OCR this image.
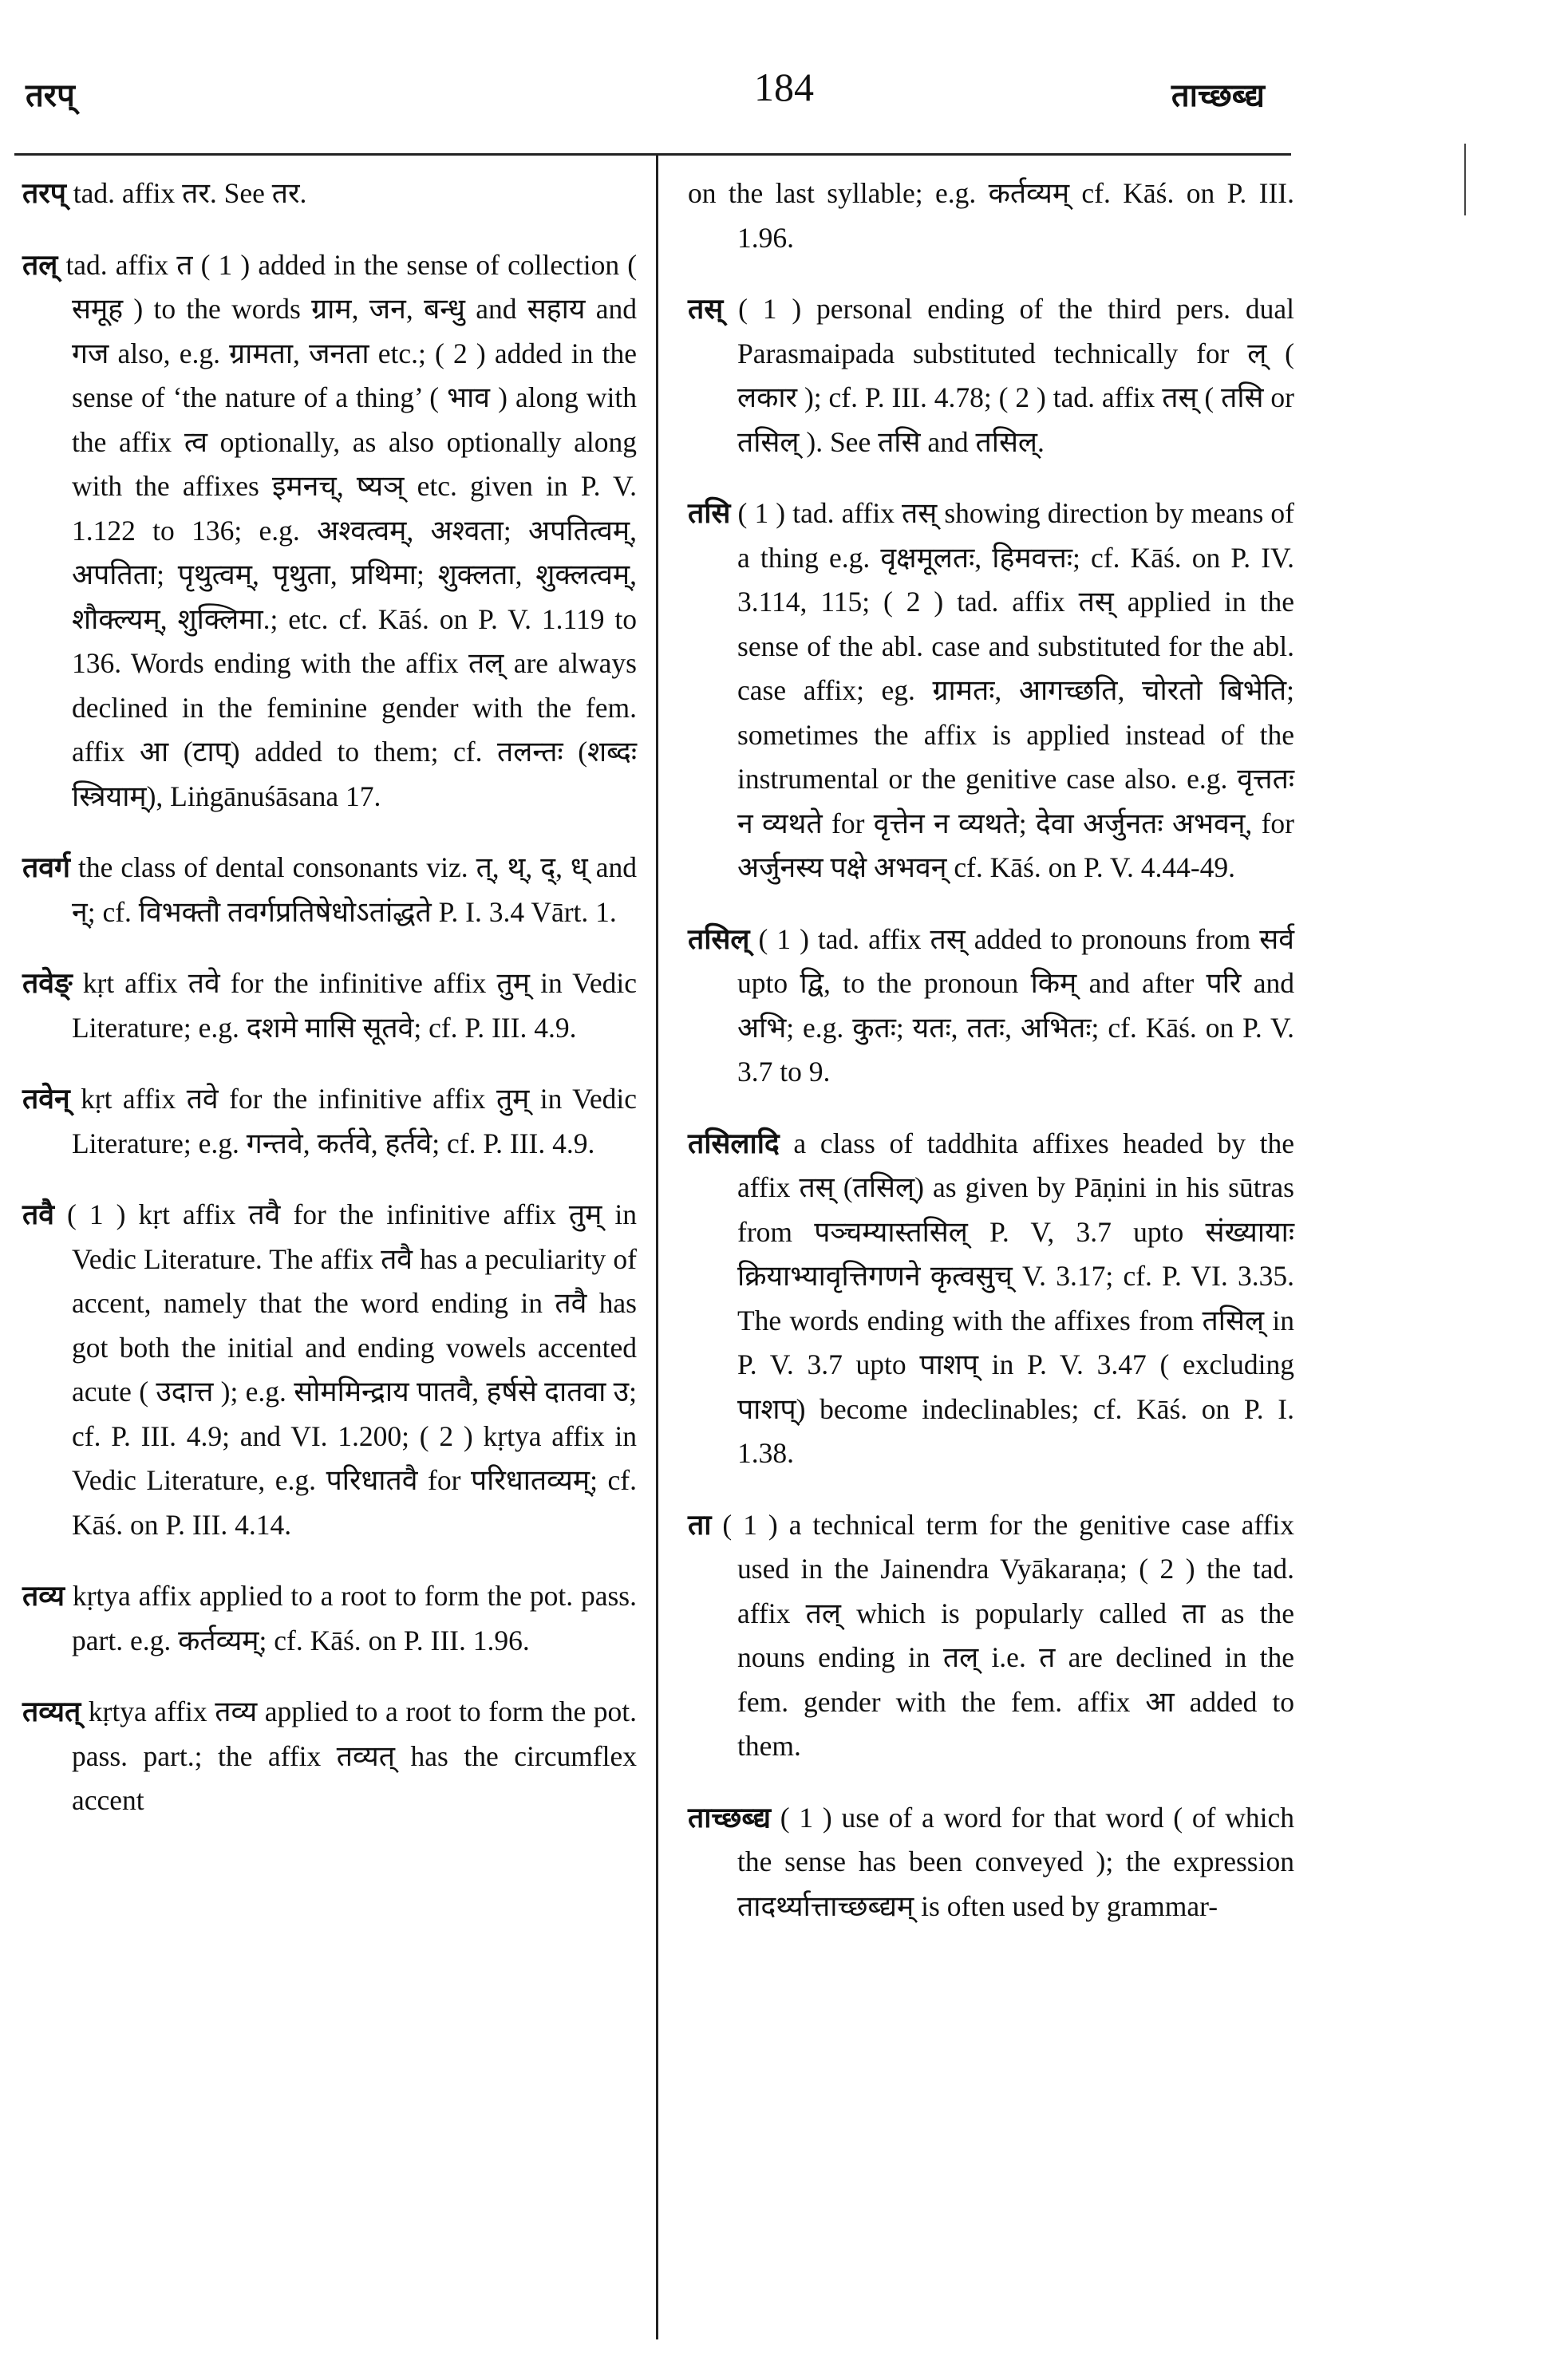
तरप्	184	ताच्छब्द्य

तरप् tad. affix तर. See तर.

तल् tad. affix त ( 1 ) added in the sense of collection ( समूह ) to the words ग्राम, जन, बन्धु and सहाय and गज also, e.g. ग्रामता, जनता etc.; ( 2 ) added in the sense of ‘the nature of a thing’ ( भाव ) along with the affix त्व optionally, as also optionally along with the affixes इमनच्, ष्यञ् etc. given in P. V. 1.122 to 136; e.g. अश्वत्वम्, अश्वता; अपतित्वम्, अपतिता; पृथुत्वम्, पृथुता, प्रथिमा; शुक्लता, शुक्लत्वम्, शौक्ल्यम्, शुक्लिमा.; etc. cf. Kāś. on P. V. 1.119 to 136. Words ending with the affix तल् are always declined in the feminine gender with the fem. affix आ (टाप्) added to them; cf. तलन्तः (शब्दः स्त्रियाम्), Liṅgānuśāsana 17.

तवर्ग the class of dental consonants viz. त्, थ्, द्, ध् and न्; cf. विभक्तौ तवर्गप्रतिषेधोऽतांद्धते P. I. 3.4 Vārt. 1.

तवेङ् kṛt affix तवे for the infinitive affix तुम् in Vedic Literature; e.g. दशमे मासि सूतवे; cf. P. III. 4.9.

तवेन् kṛt affix तवे for the infinitive affix तुम् in Vedic Literature; e.g. गन्तवे, कर्तवे, हर्तवे; cf. P. III. 4.9.

तवै ( 1 ) kṛt affix तवै for the infinitive affix तुम् in Vedic Literature. The affix तवै has a peculiarity of accent, namely that the word ending in तवै has got both the initial and ending vowels accented acute ( उदात्त ); e.g. सोममिन्द्राय पातवै, हर्षसे दातवा उ; cf. P. III. 4.9; and VI. 1.200; ( 2 ) kṛtya affix in Vedic Literature, e.g. परिधातवै for परिधातव्यम्; cf. Kāś. on P. III. 4.14.

तव्य kṛtya affix applied to a root to form the pot. pass. part. e.g. कर्तव्यम्; cf. Kāś. on P. III. 1.96.

तव्यत् kṛtya affix तव्य applied to a root to form the pot. pass. part.; the affix तव्यत् has the circumflex accent

on the last syllable; e.g. कर्तव्यम् cf. Kāś. on P. III. 1.96.

तस् ( 1 ) personal ending of the third pers. dual Parasmaipada substituted technically for ल् ( लकार ); cf. P. III. 4.78; ( 2 ) tad. affix तस् ( तसि or तसिल् ). See तसि and तसिल्.

तसि ( 1 ) tad. affix तस् showing direction by means of a thing e.g. वृक्षमूलतः, हिमवत्तः; cf. Kāś. on P. IV. 3.114, 115; ( 2 ) tad. affix तस् applied in the sense of the abl. case and substituted for the abl. case affix; eg. ग्रामतः, आगच्छति, चोरतो बिभेति; sometimes the affix is applied instead of the instrumental or the genitive case also. e.g. वृत्ततः न व्यथते for वृत्तेन न व्यथते; देवा अर्जुनतः अभवन्, for अर्जुनस्य पक्षे अभवन् cf. Kāś. on P. V. 4.44-49.

तसिल् ( 1 ) tad. affix तस् added to pronouns from सर्व upto द्वि, to the pronoun किम् and after परि and अभि; e.g. कुतः; यतः, ततः, अभितः; cf. Kāś. on P. V. 3.7 to 9.

तसिलादि a class of taddhita affixes headed by the affix तस् (तसिल्) as given by Pāṇini in his sūtras from पञ्चम्यास्तसिल् P. V, 3.7 upto संख्यायाः क्रियाभ्यावृत्तिगणने कृत्वसुच् V. 3.17; cf. P. VI. 3.35. The words ending with the affixes from तसिल् in P. V. 3.7 upto पाशप् in P. V. 3.47 ( excluding पाशप्) become indeclinables; cf. Kāś. on P. I. 1.38.

ता ( 1 ) a technical term for the genitive case affix used in the Jainendra Vyākaraṇa; ( 2 ) the tad. affix तल् which is popularly called ता as the nouns ending in तल् i.e. त are declined in the fem. gender with the fem. affix आ added to them.

ताच्छब्द्य ( 1 ) use of a word for that word ( of which the sense has been conveyed ); the expression तादर्थ्यात्ताच्छब्द्यम् is often used by grammar-
